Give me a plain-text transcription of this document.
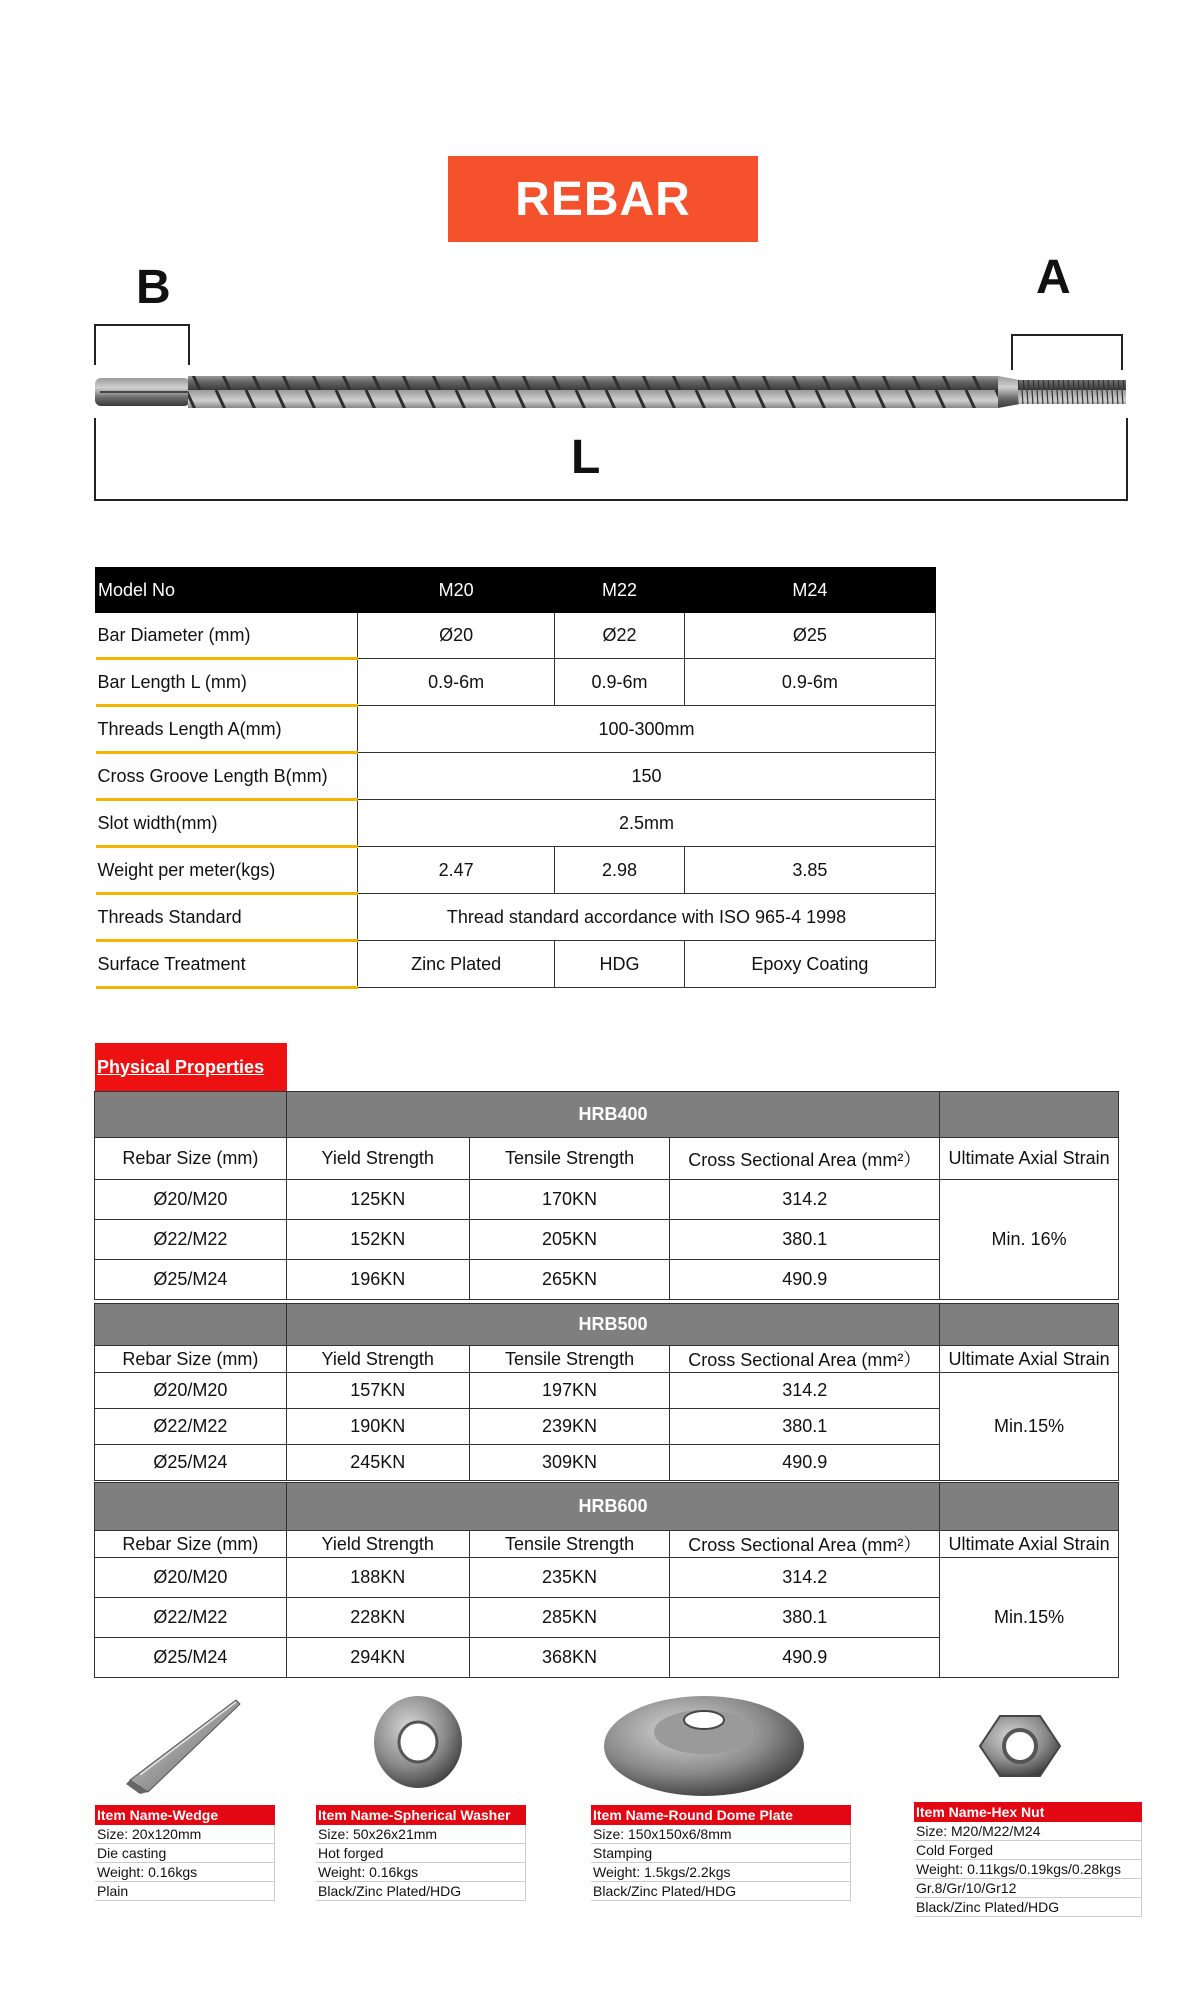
REBAR
B	A
L
Model No	M20	M22	M24
Bar Diameter (mm)	Ø20	Ø22	Ø25
Bar Length L (mm)	0.9-6m	0.9-6m	0.9-6m
Threads Length A(mm)	100-300mm		
Cross Groove Length B(mm)	150		
Slot width(mm)	2.5mm		
Weight per meter(kgs)	2.47	2.98	3.85
Threads Standard	Thread standard accordance with ISO 965-4 1998		
Surface Treatment	Zinc Plated	HDG	Epoxy Coating
Physical Properties
	HRB400			
Rebar Size (mm)	Yield Strength	Tensile Strength	Cross Sectional Area (mm²）	Ultimate Axial Strain
Ø20/M20	125KN	170KN	314.2	Min. 16%
Ø22/M22	152KN	205KN	380.1	
Ø25/M24	196KN	265KN	490.9	
	HRB500			
Rebar Size (mm)	Yield Strength	Tensile Strength	Cross Sectional Area (mm²）	Ultimate Axial Strain
Ø20/M20	157KN	197KN	314.2	Min.15%
Ø22/M22	190KN	239KN	380.1	
Ø25/M24	245KN	309KN	490.9	
	HRB600			
Rebar Size (mm)	Yield Strength	Tensile Strength	Cross Sectional Area (mm²）	Ultimate Axial Strain
Ø20/M20	188KN	235KN	314.2	Min.15%
Ø22/M22	228KN	285KN	380.1	
Ø25/M24	294KN	368KN	490.9	
Item Name-Wedge
Size: 20x120mm
Die casting
Weight: 0.16kgs
Plain
Item Name-Spherical Washer
Size: 50x26x21mm
Hot forged
Weight: 0.16kgs
Black/Zinc Plated/HDG
Item Name-Round Dome Plate
Size: 150x150x6/8mm
Stamping
Weight: 1.5kgs/2.2kgs
Black/Zinc Plated/HDG
Item Name-Hex Nut
Size: M20/M22/M24
Cold Forged
Weight: 0.11kgs/0.19kgs/0.28kgs
Gr.8/Gr/10/Gr12
Black/Zinc Plated/HDG
